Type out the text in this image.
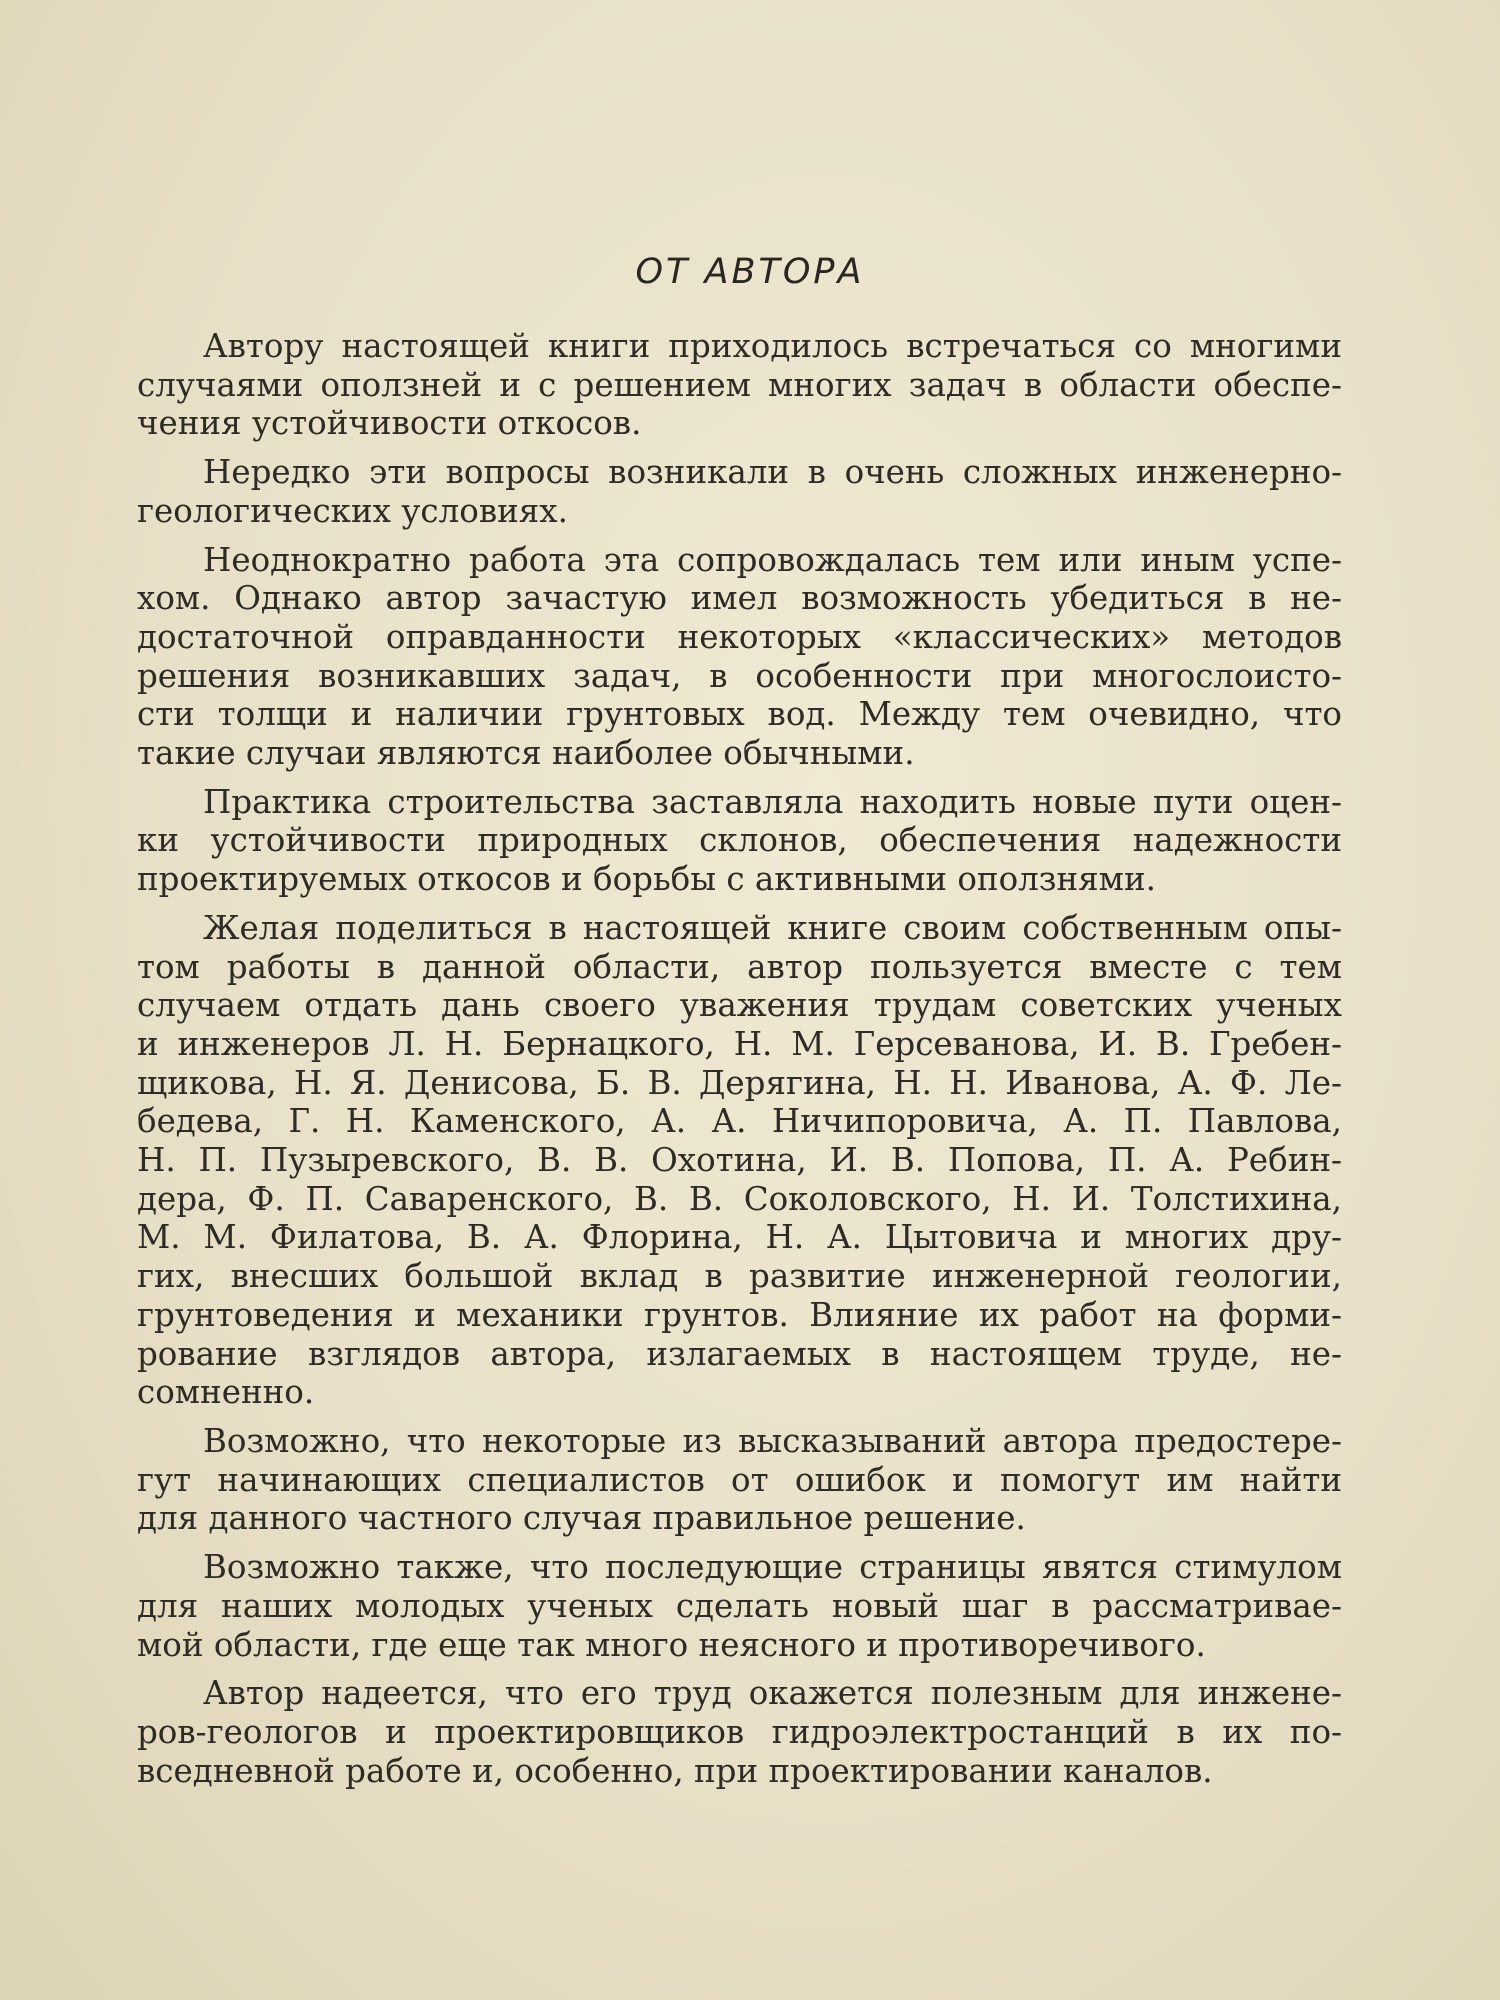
ОТ АВТОРА

Автору настоящей книги приходилось встречаться со многими
случаями оползней и с решением многих задач в области обеспе-
чения устойчивости откосов.

Нередко эти вопросы возникали в очень сложных инженерно-
геологических условиях.

Неоднократно работа эта сопровождалась тем или иным успе-
хом. Однако автор зачастую имел возможность убедиться в не-
достаточной оправданности некоторых «классических» методов
решения возникавших задач, в особенности при многослоисто-
сти толщи и наличии грунтовых вод. Между тем очевидно, что
такие случаи являются наиболее обычными.

Практика строительства заставляла находить новые пути оцен-
ки устойчивости природных склонов, обеспечения надежности
проектируемых откосов и борьбы с активными оползнями.

Желая поделиться в настоящей книге своим собственным опы-
том работы в данной области, автор пользуется вместе с тем
случаем отдать дань своего уважения трудам советских ученых
и инженеров Л. Н. Бернацкого, Н. М. Герсеванова, И. В. Гребен-
щикова, Н. Я. Денисова, Б. В. Дерягина, Н. Н. Иванова, А. Ф. Ле-
бедева, Г. Н. Каменского, А. А. Ничипоровича, А. П. Павлова,
Н. П. Пузыревского, В. В. Охотина, И. В. Попова, П. А. Ребин-
дера, Ф. П. Саваренского, В. В. Соколовского, Н. И. Толстихина,
М. М. Филатова, В. А. Флорина, Н. А. Цытовича и многих дру-
гих, внесших большой вклад в развитие инженерной геологии,
грунтоведения и механики грунтов. Влияние их работ на форми-
рование взглядов автора, излагаемых в настоящем труде, не-
сомненно.

Возможно, что некоторые из высказываний автора предостере-
гут начинающих специалистов от ошибок и помогут им найти
для данного частного случая правильное решение.

Возможно также, что последующие страницы явятся стимулом
для наших молодых ученых сделать новый шаг в рассматривае-
мой области, где еще так много неясного и противоречивого.

Автор надеется, что его труд окажется полезным для инжене-
ров-геологов и проектировщиков гидроэлектростанций в их по-
вседневной работе и, особенно, при проектировании каналов.
